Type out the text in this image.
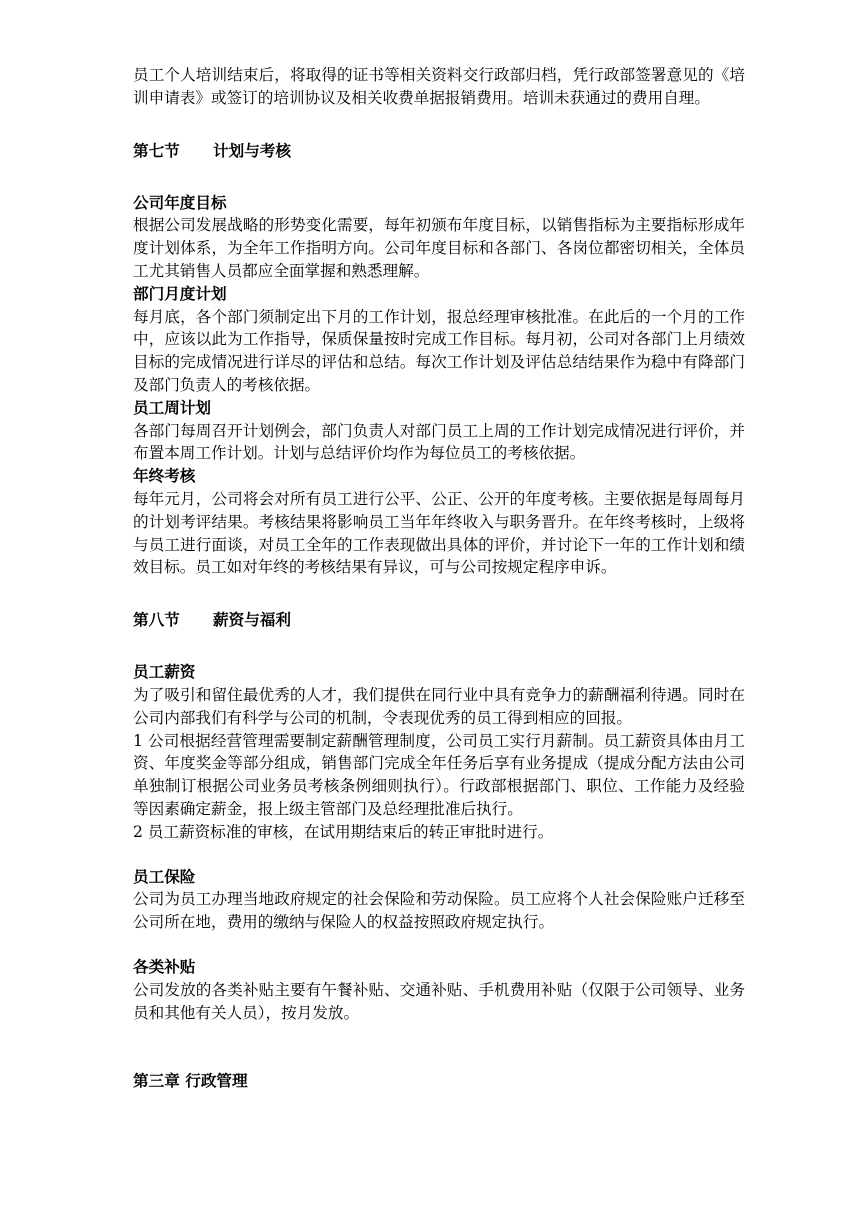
员工个人培训结束后，将取得的证书等相关资料交行政部归档，凭行政部签署意见的《培训申请表》或签订的培训协议及相关收费单据报销费用。培训未获通过的费用自理。

第七节 计划与考核
公司年度目标

根据公司发展战略的形势变化需要，每年初颁布年度目标，以销售指标为主要指标形成年度计划体系，为全年工作指明方向。公司年度目标和各部门、各岗位都密切相关，全体员工尤其销售人员都应全面掌握和熟悉理解。

部门月度计划

每月底，各个部门须制定出下月的工作计划，报总经理审核批准。在此后的一个月的工作中，应该以此为工作指导，保质保量按时完成工作目标。每月初，公司对各部门上月绩效目标的完成情况进行详尽的评估和总结。每次工作计划及评估总结结果作为稳中有降部门及部门负责人的考核依据。

员工周计划

各部门每周召开计划例会，部门负责人对部门员工上周的工作计划完成情况进行评价，并布置本周工作计划。计划与总结评价均作为每位员工的考核依据。

年终考核

每年元月，公司将会对所有员工进行公平、公正、公开的年度考核。主要依据是每周每月的计划考评结果。考核结果将影响员工当年年终收入与职务晋升。在年终考核时，上级将与员工进行面谈，对员工全年的工作表现做出具体的评价，并讨论下一年的工作计划和绩效目标。员工如对年终的考核结果有异议，可与公司按规定程序申诉。

第八节 薪资与福利
员工薪资

为了吸引和留住最优秀的人才，我们提供在同行业中具有竞争力的薪酬福利待遇。同时在公司内部我们有科学与公司的机制，令表现优秀的员工得到相应的回报。

1 公司根据经营管理需要制定薪酬管理制度，公司员工实行月薪制。员工薪资具体由月工资、年度奖金等部分组成，销售部门完成全年任务后享有业务提成（提成分配方法由公司单独制订根据公司业务员考核条例细则执行）。行政部根据部门、职位、工作能力及经验等因素确定薪金，报上级主管部门及总经理批准后执行。

2 员工薪资标准的审核，在试用期结束后的转正审批时进行。

员工保险

公司为员工办理当地政府规定的社会保险和劳动保险。员工应将个人社会保险账户迁移至公司所在地，费用的缴纳与保险人的权益按照政府规定执行。

各类补贴

公司发放的各类补贴主要有午餐补贴、交通补贴、手机费用补贴（仅限于公司领导、业务员和其他有关人员），按月发放。

第三章 行政管理
